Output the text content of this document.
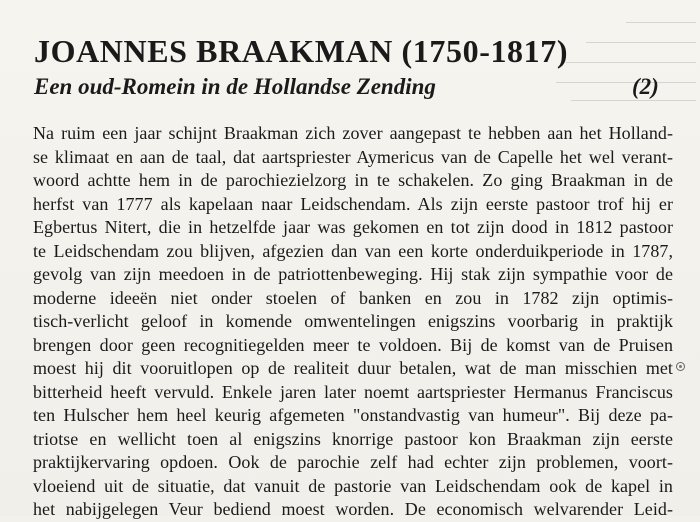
JOANNES BRAAKMAN (1750-1817)
Een oud-Romein in de Hollandse Zending	(2)
Na ruim een jaar schijnt Braakman zich zover aangepast te hebben aan het Holland-
se klimaat en aan de taal, dat aartspriester Aymericus van de Capelle het wel verant-
woord achtte hem in de parochiezielzorg in te schakelen. Zo ging Braakman in de
herfst van 1777 als kapelaan naar Leidschendam. Als zijn eerste pastoor trof hij er
Egbertus Nitert, die in hetzelfde jaar was gekomen en tot zijn dood in 1812 pastoor
te Leidschendam zou blijven, afgezien dan van een korte onderduikperiode in 1787,
gevolg van zijn meedoen in de patriottenbeweging. Hij stak zijn sympathie voor de
moderne ideeën niet onder stoelen of banken en zou in 1782 zijn optimis-
tisch-verlicht geloof in komende omwentelingen enigszins voorbarig in praktijk
brengen door geen recognitiegelden meer te voldoen. Bij de komst van de Pruisen
moest hij dit vooruitlopen op de realiteit duur betalen, wat de man misschien met
bitterheid heeft vervuld. Enkele jaren later noemt aartspriester Hermanus Franciscus
ten Hulscher hem heel keurig afgemeten "onstandvastig van humeur". Bij deze pa-
triotse en wellicht toen al enigszins knorrige pastoor kon Braakman zijn eerste
praktijkervaring opdoen. Ook de parochie zelf had echter zijn problemen, voort-
vloeiend uit de situatie, dat vanuit de pastorie van Leidschendam ook de kapel in
het nabijgelegen Veur bediend moest worden. De economisch welvarender Leid-
